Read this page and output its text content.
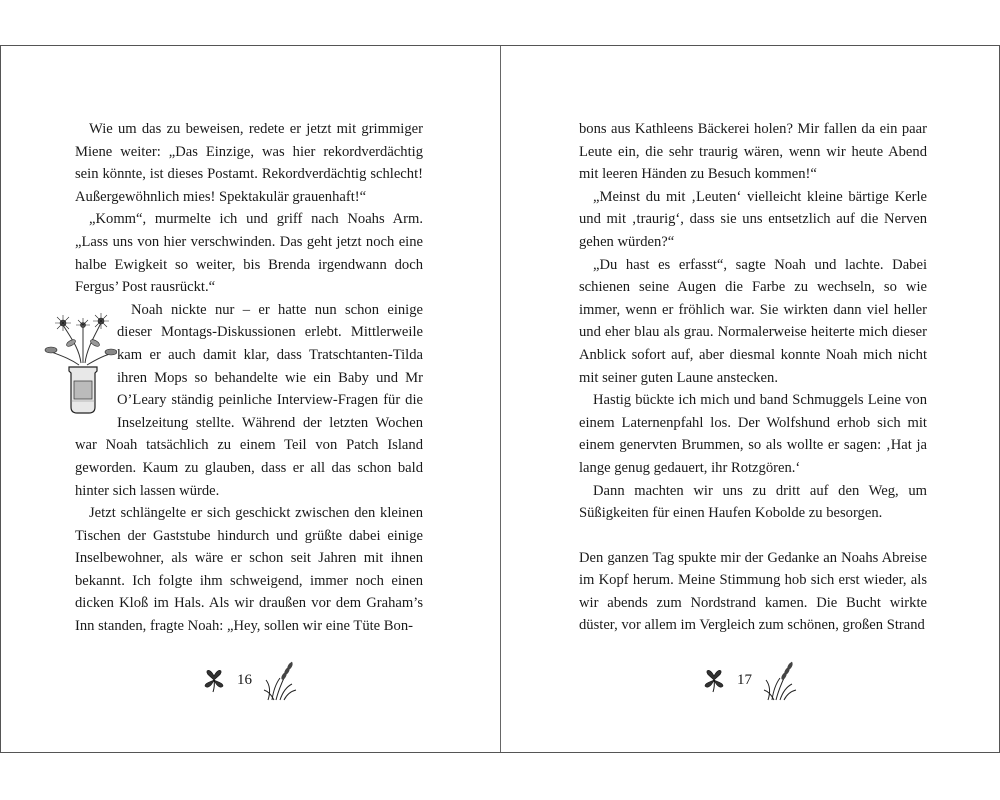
Wie um das zu beweisen, redete er jetzt mit grimmiger Miene weiter: „Das Einzige, was hier rekordverdächtig sein könnte, ist dieses Postamt. Rekordverdächtig schlecht! Außergewöhnlich mies! Spektakulär grauenhaft!“

„Komm“, murmelte ich und griff nach Noahs Arm. „Lass uns von hier verschwinden. Das geht jetzt noch eine halbe Ewigkeit so weiter, bis Brenda irgendwann doch Fergus’ Post rausrückt.“

Noah nickte nur – er hatte nun schon einige dieser Montags-Diskussionen erlebt. Mittlerweile kam er auch damit klar, dass Tratschtanten-Tilda ihren Mops so behandelte wie ein Baby und Mr O’Leary ständig peinliche Interview-Fragen für die Inselzeitung stellte. Während der letzten Wochen war Noah tatsächlich zu einem Teil von Patch Island geworden. Kaum zu glauben, dass er all das schon bald hinter sich lassen würde.

Jetzt schlängelte er sich geschickt zwischen den kleinen Tischen der Gaststube hindurch und grüßte dabei einige Inselbewohner, als wäre er schon seit Jahren mit ihnen bekannt. Ich folgte ihm schweigend, immer noch einen dicken Kloß im Hals. Als wir draußen vor dem Graham’s Inn standen, fragte Noah: „Hey, sollen wir eine Tüte Bon-

16

bons aus Kathleens Bäckerei holen? Mir fallen da ein paar Leute ein, die sehr traurig wären, wenn wir heute Abend mit leeren Händen zu Besuch kommen!“

„Meinst du mit ‚Leuten‘ vielleicht kleine bärtige Kerle und mit ‚traurig‘, dass sie uns entsetzlich auf die Nerven gehen würden?“

„Du hast es erfasst“, sagte Noah und lachte. Dabei schienen seine Augen die Farbe zu wechseln, so wie immer, wenn er fröhlich war. Sie wirkten dann viel heller und eher blau als grau. Normalerweise heiterte mich dieser Anblick sofort auf, aber diesmal konnte Noah mich nicht mit seiner guten Laune anstecken.

Hastig bückte ich mich und band Schmuggels Leine von einem Laternenpfahl los. Der Wolfshund erhob sich mit einem genervten Brummen, so als wollte er sagen: ‚Hat ja lange genug gedauert, ihr Rotzgören.‘

Dann machten wir uns zu dritt auf den Weg, um Süßigkeiten für einen Haufen Kobolde zu besorgen.

Den ganzen Tag spukte mir der Gedanke an Noahs Abreise im Kopf herum. Meine Stimmung hob sich erst wieder, als wir abends zum Nordstrand kamen. Die Bucht wirkte düster, vor allem im Vergleich zum schönen, großen Strand

17
